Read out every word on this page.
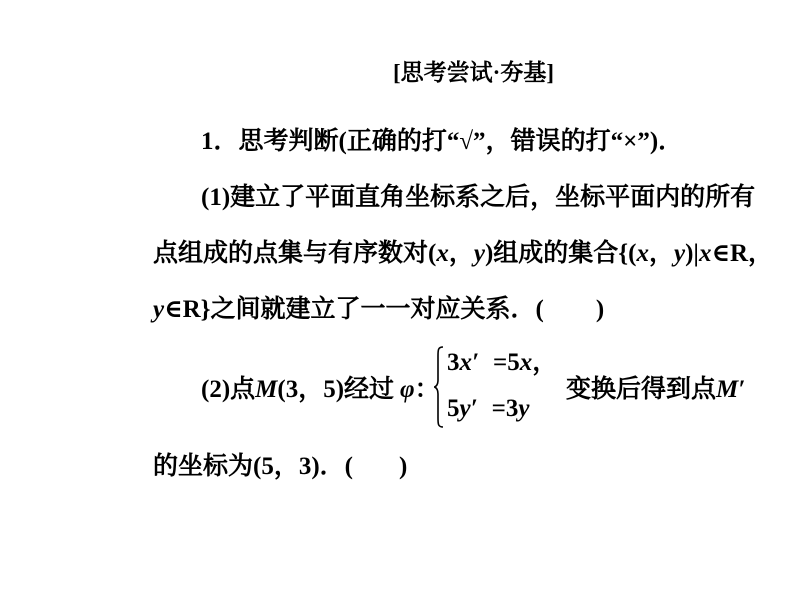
[思考尝试·夯基]
1．思考判断(正确的打“√”，错误的打“×”)．
(1)建立了平面直角坐标系之后，坐标平面内的所有
点组成的点集与有序数对(x，y)组成的集合{(x，y)|x∈R，
y∈R}之间就建立了一一对应关系．( )
(2)点M(3，5)经过 φ：
3x′ =5x，
5y′ =3y
变换后得到点M′
的坐标为(5，3)．( )
